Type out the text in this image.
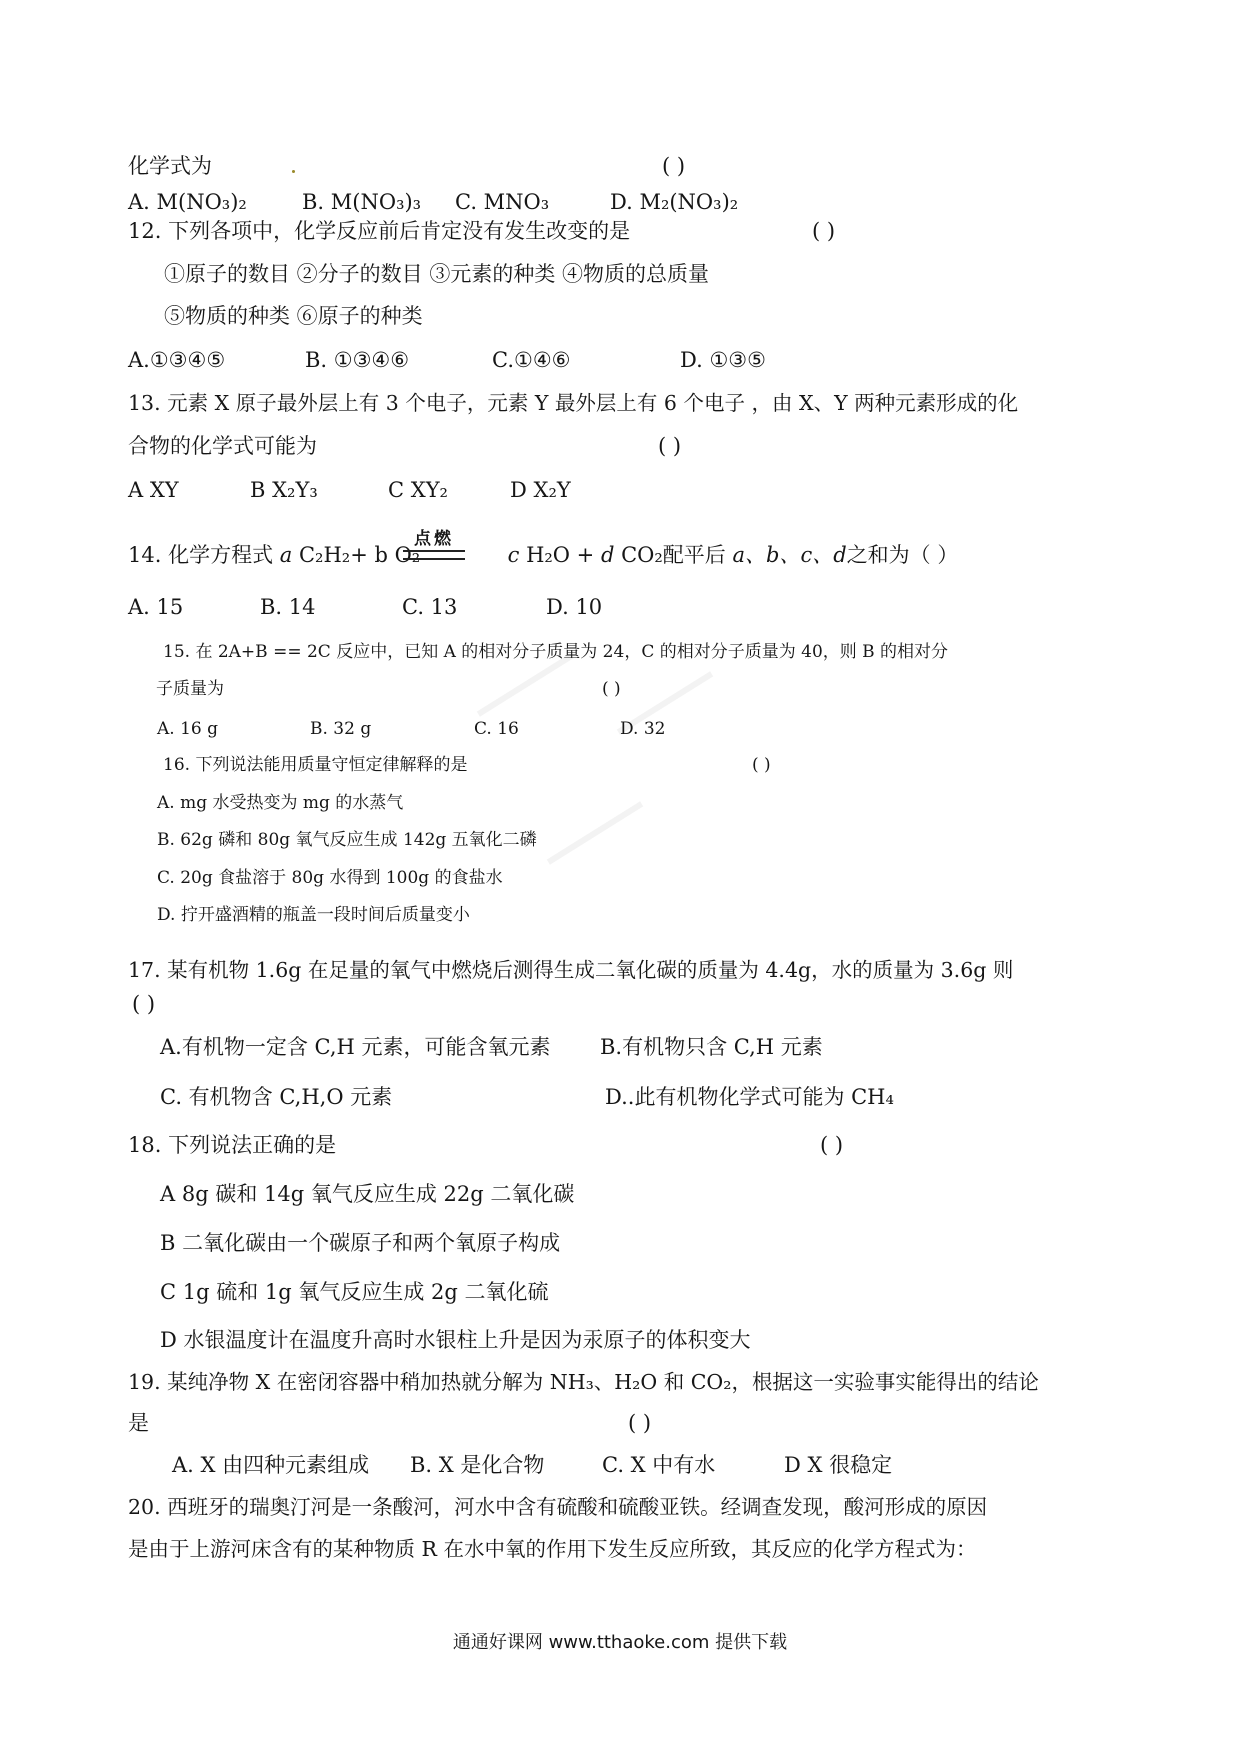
化学式为	( )
A. M(NO₃)₂	B. M(NO₃)₃ C. MNO₃	D. M₂(NO₃)₂
12. 下列各项中，化学反应前后肯定没有发生改变的是	( )
①原子的数目 ②分子的数目 ③元素的种类 ④物质的总质量
⑤物质的种类 ⑥原子的种类
A.①③④⑤	B. ①③④⑥	C.①④⑥	D. ①③⑤
13. 元素 X 原子最外层上有 3 个电子，元素 Y 最外层上有 6 个电子 ，由 X、Y 两种元素形成的化
合物的化学式可能为	( )
A XY	B X₂Y₃	C XY₂	D X₂Y
14. 化学方程式 a C₂H₂+ b O₂	c H₂O + d CO₂配平后 a、b、c、d之和为（ ）
点燃
A. 15	B. 14	C. 13	D. 10
15. 在 2A+B == 2C 反应中，已知 A 的相对分子质量为 24，C 的相对分子质量为 40，则 B 的相对分
子质量为	( )
A. 16 g	B. 32 g	C. 16	D. 32
16. 下列说法能用质量守恒定律解释的是	( )
A. mg 水受热变为 mg 的水蒸气
B. 62g 磷和 80g 氧气反应生成 142g 五氧化二磷
C. 20g 食盐溶于 80g 水得到 100g 的食盐水
D. 拧开盛酒精的瓶盖一段时间后质量变小
17. 某有机物 1.6g 在足量的氧气中燃烧后测得生成二氧化碳的质量为 4.4g，水的质量为 3.6g 则
( )
A.有机物一定含 C,H 元素，可能含氧元素 B.有机物只含 C,H 元素
C. 有机物含 C,H,O 元素	D..此有机物化学式可能为 CH₄
18. 下列说法正确的是	( )
A 8g 碳和 14g 氧气反应生成 22g 二氧化碳
B 二氧化碳由一个碳原子和两个氧原子构成
C 1g 硫和 1g 氧气反应生成 2g 二氧化硫
D 水银温度计在温度升高时水银柱上升是因为汞原子的体积变大
19. 某纯净物 X 在密闭容器中稍加热就分解为 NH₃、H₂O 和 CO₂，根据这一实验事实能得出的结论
是	( )
A. X 由四种元素组成 B. X 是化合物	C. X 中有水	D X 很稳定
20. 西班牙的瑞奥汀河是一条酸河，河水中含有硫酸和硫酸亚铁。经调查发现，酸河形成的原因
是由于上游河床含有的某种物质 R 在水中氧的作用下发生反应所致，其反应的化学方程式为：
通通好课网 www.tthaoke.com 提供下载
